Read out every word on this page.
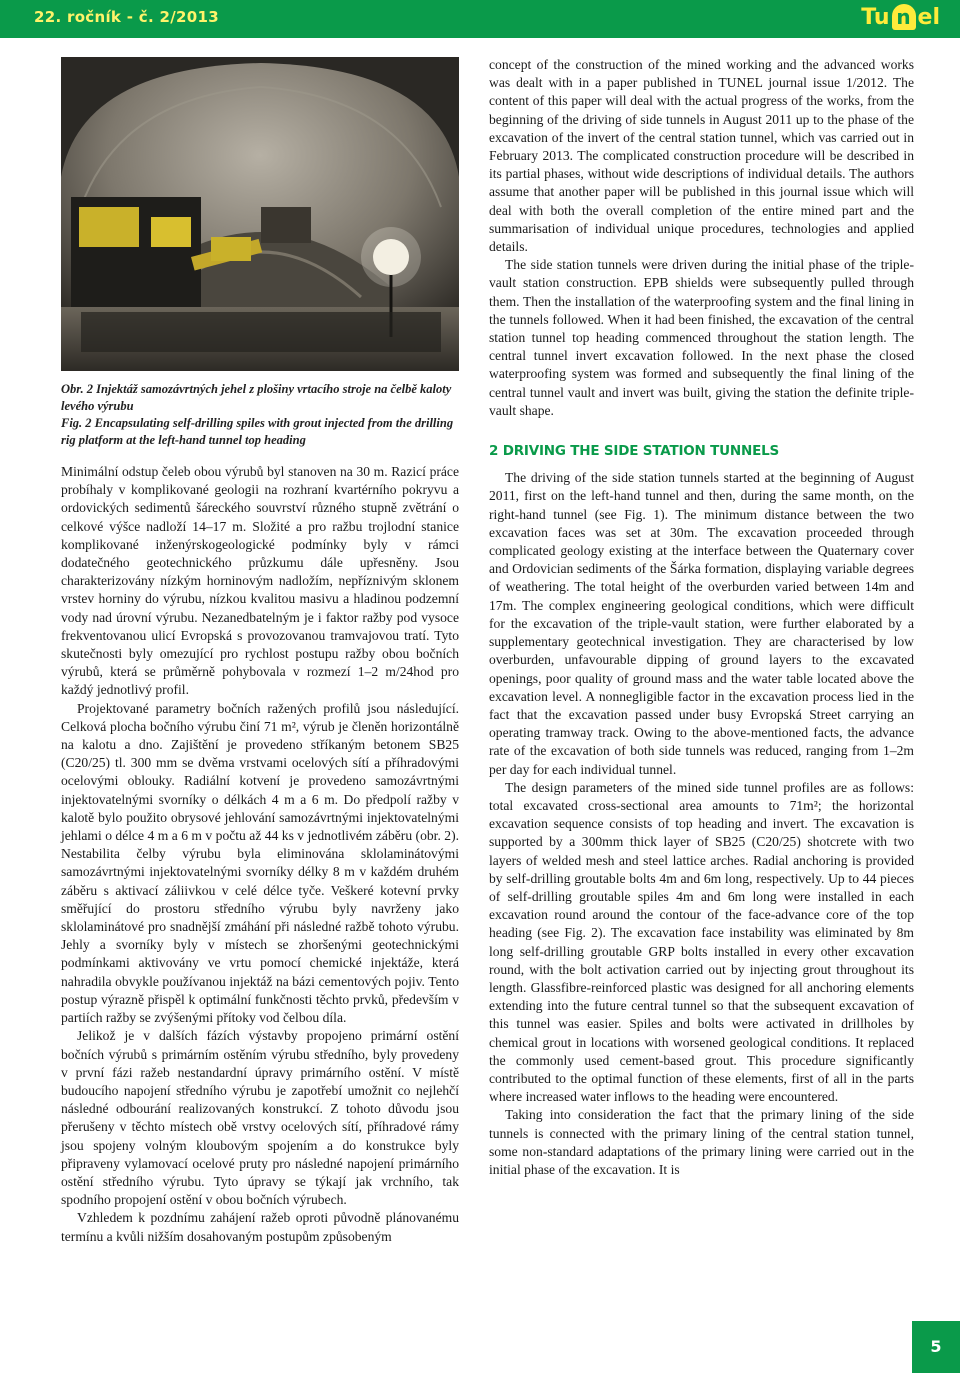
22. ročník - č. 2/2013	Tu n el
Obr. 2 Injektáž samozávrtných jehel z plošiny vrtacího stroje na čelbě kaloty levého výrubu
Fig. 2 Encapsulating self-drilling spiles with grout injected from the drilling rig platform at the left-hand tunnel top heading

Minimální odstup čeleb obou výrubů byl stanoven na 30 m. Razicí práce probíhaly v komplikované geologii na rozhraní kvartérního pokryvu a ordovických sedimentů šáreckého souvrství různého stupně zvětrání o celkové výšce nadloží 14–17 m. Složité a pro ražbu trojlodní stanice komplikované inženýrskogeologické podmínky byly v rámci dodatečného geotechnického průzkumu dále upřesněny. Jsou charakterizovány nízkým horninovým nadložím, nepříznivým sklonem vrstev horniny do výrubu, nízkou kvalitou masivu a hladinou podzemní vody nad úrovní výrubu. Nezanedbatelným je i faktor ražby pod vysoce frekventovanou ulicí Evropská s provozovanou tramvajovou tratí. Tyto skutečnosti byly omezující pro rychlost postupu ražby obou bočních výrubů, která se průměrně pohybovala v rozmezí 1–2 m/24hod pro každý jednotlivý profil.

Projektované parametry bočních ražených profilů jsou následující. Celková plocha bočního výrubu činí 71 m², výrub je členěn horizontálně na kalotu a dno. Zajištění je provedeno stříkaným betonem SB25 (C20/25) tl. 300 mm se dvěma vrstvami ocelových sítí a příhradovými ocelovými oblouky. Radiální kotvení je provedeno samozávrtnými injektovatelnými svorníky o délkách 4 m a 6 m. Do předpolí ražby v kalotě bylo použito obrysové jehlování samozávrtnými injektovatelnými jehlami o délce 4 m a 6 m v počtu až 44 ks v jednotlivém záběru (obr. 2). Nestabilita čelby výrubu byla eliminována sklolaminátovými samozávrtnými injektovatelnými svorníky délky 8 m v každém druhém záběru s aktivací záliivkou v celé délce tyče. Veškeré kotevní prvky směřující do prostoru středního výrubu byly navrženy jako sklolaminátové pro snadnější zmáhání při následné ražbě tohoto výrubu. Jehly a svorníky byly v místech se zhoršenými geotechnickými podmínkami aktivovány ve vrtu pomocí chemické injektáže, která nahradila obvykle používanou injektáž na bázi cementových pojiv. Tento postup výrazně přispěl k optimální funkčnosti těchto prvků, především v partiích ražby se zvýšenými přítoky vod čelbou díla.

Jelikož je v dalších fázích výstavby propojeno primární ostění bočních výrubů s primárním ostěním výrubu středního, byly provedeny v první fázi ražeb nestandardní úpravy primárního ostění. V místě budoucího napojení středního výrubu je zapotřebí umožnit co nejlehčí následné odbourání realizovaných konstrukcí. Z tohoto důvodu jsou přerušeny v těchto místech obě vrstvy ocelových sítí, příhradové rámy jsou spojeny volným kloubovým spojením a do konstrukce byly připraveny vylamovací ocelové pruty pro následné napojení primárního ostění středního výrubu. Tyto úpravy se týkají jak vrchního, tak spodního propojení ostění v obou bočních výrubech.

Vzhledem k pozdnímu zahájení ražeb oproti původně plánovanému termínu a kvůli nižším dosahovaným postupům způsobeným

concept of the construction of the mined working and the advanced works was dealt with in a paper published in TUNEL journal issue 1/2012. The content of this paper will deal with the actual progress of the works, from the beginning of the driving of side tunnels in August 2011 up to the phase of the excavation of the invert of the central station tunnel, which vas carried out in February 2013. The complicated construction procedure will be described in its partial phases, without wide descriptions of individual details. The authors assume that another paper will be published in this journal issue which will deal with both the overall completion of the entire mined part and the summarisation of individual unique procedures, technologies and applied details.

The side station tunnels were driven during the initial phase of the triple-vault station construction. EPB shields were subsequently pulled through them. Then the installation of the waterproofing system and the final lining in the tunnels followed. When it had been finished, the excavation of the central station tunnel top heading commenced throughout the station length. The central tunnel invert excavation followed. In the next phase the closed waterproofing system was formed and subsequently the final lining of the central tunnel vault and invert was built, giving the station the definite triple-vault shape.

2 DRIVING THE SIDE STATION TUNNELS

The driving of the side station tunnels started at the beginning of August 2011, first on the left-hand tunnel and then, during the same month, on the right-hand tunnel (see Fig. 1). The minimum distance between the two excavation faces was set at 30m. The excavation proceeded through complicated geology existing at the interface between the Quaternary cover and Ordovician sediments of the Šárka formation, displaying variable degrees of weathering. The total height of the overburden varied between 14m and 17m. The complex engineering geological conditions, which were difficult for the excavation of the triple-vault station, were further elaborated by a supplementary geotechnical investigation. They are characterised by low overburden, unfavourable dipping of ground layers to the excavated openings, poor quality of ground mass and the water table located above the excavation level. A nonnegligible factor in the excavation process lied in the fact that the excavation passed under busy Evropská Street carrying an operating tramway track. Owing to the above-mentioned facts, the advance rate of the excavation of both side tunnels was reduced, ranging from 1–2m per day for each individual tunnel.

The design parameters of the mined side tunnel profiles are as follows: total excavated cross-sectional area amounts to 71m²; the horizontal excavation sequence consists of top heading and invert. The excavation is supported by a 300mm thick layer of SB25 (C20/25) shotcrete with two layers of welded mesh and steel lattice arches. Radial anchoring is provided by self-drilling groutable bolts 4m and 6m long, respectively. Up to 44 pieces of self-drilling groutable spiles 4m and 6m long were installed in each excavation round around the contour of the face-advance core of the top heading (see Fig. 2). The excavation face instability was eliminated by 8m long self-drilling groutable GRP bolts installed in every other excavation round, with the bolt activation carried out by injecting grout throughout its length. Glassfibre-reinforced plastic was designed for all anchoring elements extending into the future central tunnel so that the subsequent excavation of this tunnel was easier. Spiles and bolts were activated in drillholes by chemical grout in locations with worsened geological conditions. It replaced the commonly used cement-based grout. This procedure significantly contributed to the optimal function of these elements, first of all in the parts where increased water inflows to the heading were encountered.

Taking into consideration the fact that the primary lining of the side tunnels is connected with the primary lining of the central station tunnel, some non-standard adaptations of the primary lining were carried out in the initial phase of the excavation. It is

5
